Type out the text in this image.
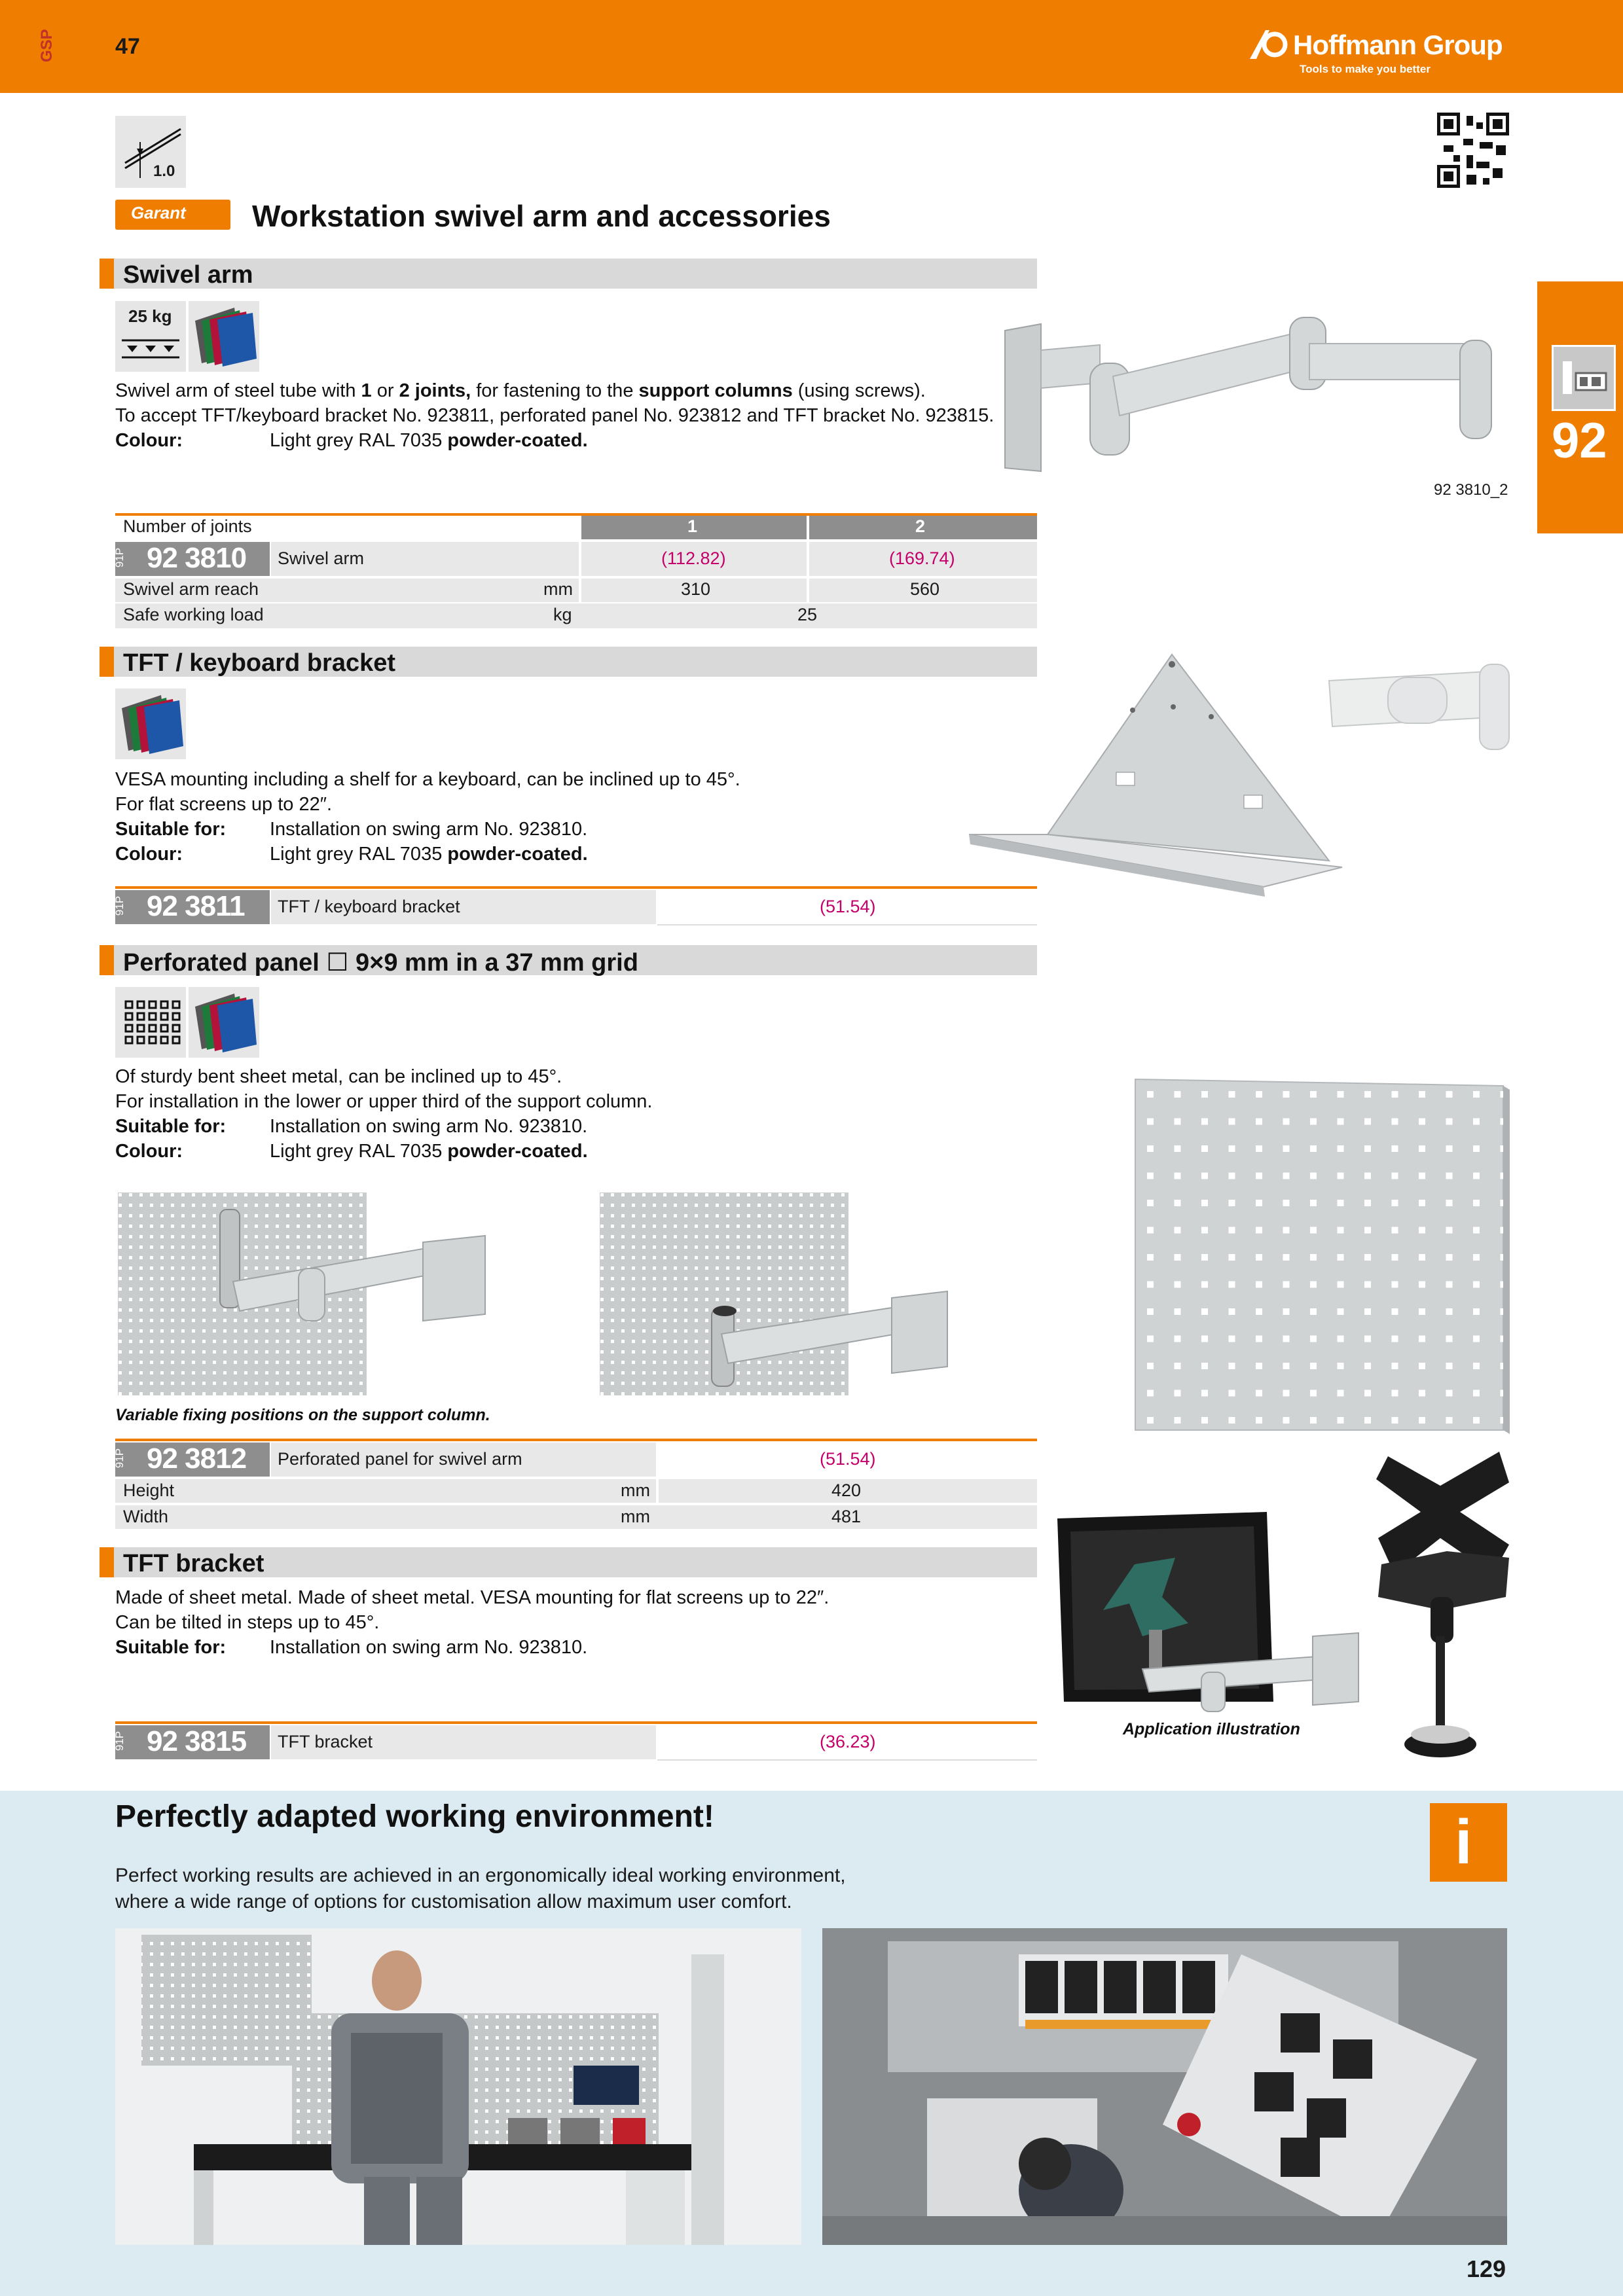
GSP	47	Hoffmann Group
Tools to make you better
1.0
Garant Workstation swivel arm and accessories
92
Swivel arm
25 kg
Swivel arm of steel tube with 1 or 2 joints, for fastening to the support columns (using screws).
To accept TFT/keyboard bracket No. 923811, perforated panel No. 923812 and TFT bracket No. 923815.
Colour:	Light grey RAL 7035 powder-coated.
92 3810_2
Number of joints	1	2
91P 92 3810 Swivel arm	(112.82)	(169.74)
Swivel arm reach	mm	310	560
Safe working load	kg	25
TFT / keyboard bracket
VESA mounting including a shelf for a keyboard, can be inclined up to 45°.
For flat screens up to 22″.
Suitable for: Installation on swing arm No. 923810.
Colour:	Light grey RAL 7035 powder-coated.
91P 92 3811 TFT / keyboard bracket	(51.54)
Perforated panel ☐ 9×9 mm in a 37 mm grid
Of sturdy bent sheet metal, can be inclined up to 45°.
For installation in the lower or upper third of the support column.
Suitable for: Installation on swing arm No. 923810.
Colour:	Light grey RAL 7035 powder-coated.
Variable fixing positions on the support column.
91P 92 3812 Perforated panel for swivel arm	(51.54)
Height	mm	420
Width	mm	481
TFT bracket
Made of sheet metal. Made of sheet metal. VESA mounting for flat screens up to 22″.
Can be tilted in steps up to 45°.
Suitable for: Installation on swing arm No. 923810.
Application illustration
91P 92 3815 TFT bracket	(36.23)
Perfectly adapted working environment!	i
Perfect working results are achieved in an ergonomically ideal working environment,
where a wide range of options for customisation allow maximum user comfort.
129
